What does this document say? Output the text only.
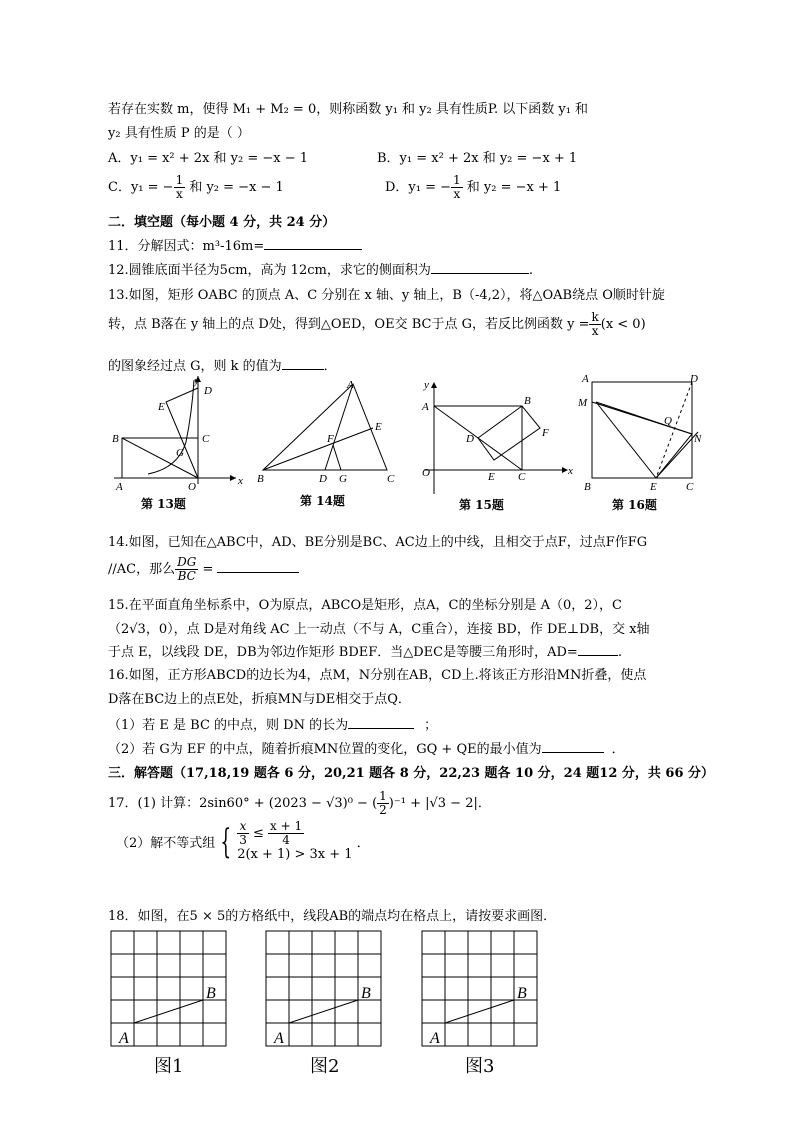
若存在实数 m，使得 M₁ + M₂ = 0，则称函数 y₁ 和 y₂ 具有性质P. 以下函数 y₁ 和
y₂ 具有性质 P 的是（ ）
A．y₁ = x² + 2x 和 y₂ = −x − 1	B．y₁ = x² + 2x 和 y₂ = −x + 1
C．y₁ = − $\frac{1}{x}$ 和 y₂ = −x − 1	D．y₁ = − $\frac{1}{x}$ 和 y₂ = −x + 1
二．填空题（每小题 4 分，共 24 分）
11．分解因式：m³-16m=
12.圆锥底面半径为5cm，高为 12cm，求它的侧面积为	.
13.如图，矩形 OABC 的顶点 A、C 分别在 x 轴、y 轴上，B（-4,2），将△OAB绕点 O顺时针旋
转，点 B落在 y 轴上的点 D处，得到△OED，OE交 BC于点 G，若反比例函数 $y = \frac{k}{x} (x < 0)$
的图象经过点 G，则 k 的值为	．
y
x
E
D
B	C
G
A	O
第 13题
A
E
F
B	D G	C
第 14题
y
A	B
D	F
O	E C	x
第 15题
A	D
M
Q
N
B	E	C
第 16题
14.如图，已知在△ABC中，AD、BE分别是BC、AC边上的中线，且相交于点F，过点F作FG
//AC，那么 $\frac{DG}{BC}$ =
15.在平面直角坐标系中，O为原点，ABCO是矩形，点A，C的坐标分别是 A（0，2），C
（2√3，0），点 D是对角线 AC 上一动点（不与 A，C重合），连接 BD，作 DE⊥DB，交 x轴
于点 E，以线段 DE，DB为邻边作矩形 BDEF．当△DEC是等腰三角形时，AD=	.
16.如图，正方形ABCD的边长为4，点M，N分别在AB，CD上.将该正方形沿MN折叠，使点
D落在BC边上的点E处，折痕MN与DE相交于点Q．
（1）若 E 是 BC 的中点，则 DN 的长为	；
（2）若 G为 EF 的中点，随着折痕MN位置的变化，GQ + QE的最小值为	．
三．解答题（17,18,19 题各 6 分，20,21 题各 8 分，22,23 题各 10 分，24 题12 分，共 66 分）
17．(1) 计算：2sin60° + (2023 − √3)⁰ − ( $\frac{1}{2} )^{-1} + |√3 - 2|$．
（2）解不等式组 { $\frac{x}{3} \le \frac{x + 1}{4}$
2(x + 1) > 3x + 1
．
18．如图，在5 × 5的方格纸中，线段AB的端点均在格点上，请按要求画图．
A
B
A
B
A
B
图1	图2	图3
